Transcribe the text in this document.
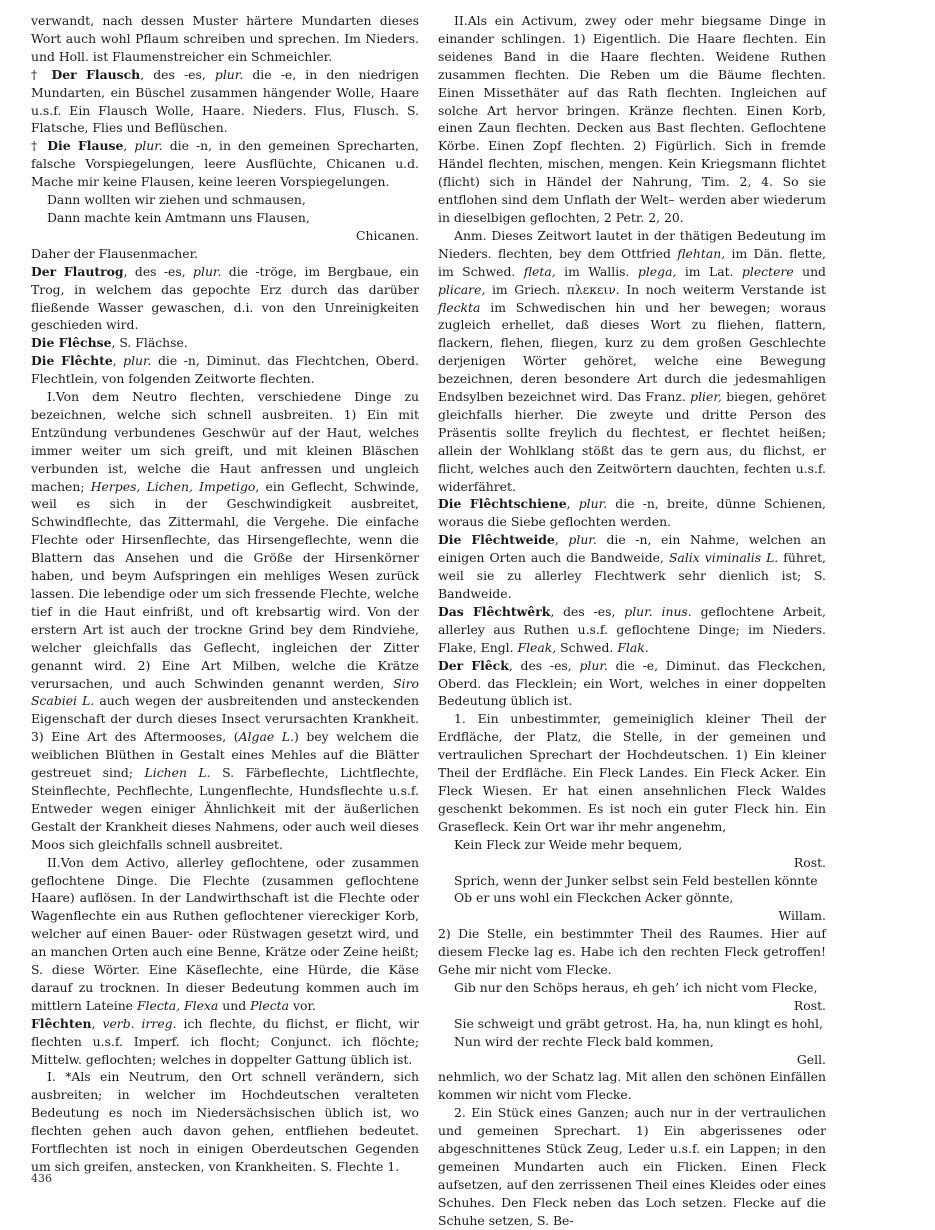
verwandt, nach dessen Muster härtere Mundarten dieses Wort auch wohl Pflaum schreiben und sprechen. Im Nieders. und Holl. ist Flaumenstreicher ein Schmeichler.

† Der Flausch, des -es, plur. die -e, in den niedrigen Mundarten, ein Büschel zusammen hängender Wolle, Haare u.s.f. Ein Flausch Wolle, Haare. Nieders. Flus, Flusch. S. Flatsche, Flies und Beflüschen.

† Die Flause, plur. die -n, in den gemeinen Sprecharten, falsche Vorspiegelungen, leere Ausflüchte, Chicanen u.d. Mache mir keine Flausen, keine leeren Vorspiegelungen.

Dann wollten wir ziehen und schmausen,

Dann machte kein Amtmann uns Flausen,

Chicanen.

Daher der Flausenmacher.

Der Flautrog, des -es, plur. die -tröge, im Bergbaue, ein Trog, in welchem das gepochte Erz durch das darüber fließende Wasser gewaschen, d.i. von den Unreinigkeiten geschieden wird.

Die Flêchse, S. Flächse.

Die Flêchte, plur. die -n, Diminut. das Flechtchen, Oberd. Flechtlein, von folgenden Zeitworte flechten.

I.Von dem Neutro flechten, verschiedene Dinge zu bezeichnen, welche sich schnell ausbreiten. 1) Ein mit Entzündung verbundenes Geschwür auf der Haut, welches immer weiter um sich greift, und mit kleinen Bläschen verbunden ist, welche die Haut anfressen und ungleich machen; Herpes, Lichen, Impetigo, ein Geflecht, Schwinde, weil es sich in der Geschwindigkeit ausbreitet, Schwindflechte, das Zittermahl, die Vergehe. Die einfache Flechte oder Hirsenflechte, das Hirsengeflechte, wenn die Blattern das Ansehen und die Größe der Hirsenkörner haben, und beym Aufspringen ein mehliges Wesen zurück lassen. Die lebendige oder um sich fressende Flechte, welche tief in die Haut einfrißt, und oft krebsartig wird. Von der erstern Art ist auch der trockne Grind bey dem Rindviehe, welcher gleichfalls das Geflecht, ingleichen der Zitter genannt wird. 2) Eine Art Milben, welche die Krätze verursachen, und auch Schwinden genannt werden, Siro Scabiei L. auch wegen der ausbreitenden und ansteckenden Eigenschaft der durch dieses Insect verursachten Krankheit. 3) Eine Art des Aftermooses, (Algae L.) bey welchem die weiblichen Blüthen in Gestalt eines Mehles auf die Blätter gestreuet sind; Lichen L. S. Färbeflechte, Lichtflechte, Steinflechte, Pechflechte, Lungenflechte, Hundsflechte u.s.f. Entweder wegen einiger Ähnlichkeit mit der äußerlichen Gestalt der Krankheit dieses Nahmens, oder auch weil dieses Moos sich gleichfalls schnell ausbreitet.

II.Von dem Activo, allerley geflochtene, oder zusammen geflochtene Dinge. Die Flechte (zusammen geflochtene Haare) auflösen. In der Landwirthschaft ist die Flechte oder Wagenflechte ein aus Ruthen geflochtener viereckiger Korb, welcher auf einen Bauer- oder Rüstwagen gesetzt wird, und an manchen Orten auch eine Benne, Krätze oder Zeine heißt; S. diese Wörter. Eine Käseflechte, eine Hürde, die Käse darauf zu trocknen. In dieser Bedeutung kommen auch im mittlern Lateine Flecta, Flexa und Plecta vor.

Flêchten, verb. irreg. ich flechte, du flichst, er flicht, wir flechten u.s.f. Imperf. ich flocht; Conjunct. ich flöchte; Mittelw. geflochten; welches in doppelter Gattung üblich ist.

I. *Als ein Neutrum, den Ort schnell verändern, sich ausbreiten; in welcher im Hochdeutschen veralteten Bedeutung es noch im Niedersächsischen üblich ist, wo flechten gehen auch davon gehen, entfliehen bedeutet. Fortflechten ist noch in einigen Oberdeutschen Gegenden um sich greifen, anstecken, von Krankheiten. S. Flechte 1.

II.Als ein Activum, zwey oder mehr biegsame Dinge in einander schlingen. 1) Eigentlich. Die Haare flechten. Ein seidenes Band in die Haare flechten. Weidene Ruthen zusammen flechten. Die Reben um die Bäume flechten. Einen Missethäter auf das Rath flechten. Ingleichen auf solche Art hervor bringen. Kränze flechten. Einen Korb, einen Zaun flechten. Decken aus Bast flechten. Geflochtene Körbe. Einen Zopf flechten. 2) Figürlich. Sich in fremde Händel flechten, mischen, mengen. Kein Kriegsmann flichtet (flicht) sich in Händel der Nahrung, Tim. 2, 4. So sie entflohen sind dem Unflath der Welt– werden aber wiederum in dieselbigen geflochten, 2 Petr. 2, 20.

Anm. Dieses Zeitwort lautet in der thätigen Bedeutung im Nieders. flechten, bey dem Ottfried flehtan, im Dän. flette, im Schwed. fleta, im Wallis. plega, im Lat. plectere und plicare, im Griech. πλεκειν. In noch weiterm Verstande ist fleckta im Schwedischen hin und her bewegen; woraus zugleich erhellet, daß dieses Wort zu fliehen, flattern, flackern, flehen, fliegen, kurz zu dem großen Geschlechte derjenigen Wörter gehöret, welche eine Bewegung bezeichnen, deren besondere Art durch die jedesmahligen Endsylben bezeichnet wird. Das Franz. plier, biegen, gehöret gleichfalls hierher. Die zweyte und dritte Person des Präsentis sollte freylich du flechtest, er flechtet heißen; allein der Wohlklang stößt das te gern aus, du flichst, er flicht, welches auch den Zeitwörtern dauchten, fechten u.s.f. widerfähret.

Die Flêchtschiene, plur. die -n, breite, dünne Schienen, woraus die Siebe geflochten werden.

Die Flêchtweide, plur. die -n, ein Nahme, welchen an einigen Orten auch die Bandweide, Salix viminalis L. führet, weil sie zu allerley Flechtwerk sehr dienlich ist; S. Bandweide.

Das Flêchtwêrk, des -es, plur. inus. geflochtene Arbeit, allerley aus Ruthen u.s.f. geflochtene Dinge; im Nieders. Flake, Engl. Fleak, Schwed. Flak.

Der Flêck, des -es, plur. die -e, Diminut. das Fleckchen, Oberd. das Flecklein; ein Wort, welches in einer doppelten Bedeutung üblich ist.

1. Ein unbestimmter, gemeiniglich kleiner Theil der Erdfläche, der Platz, die Stelle, in der gemeinen und vertraulichen Sprechart der Hochdeutschen. 1) Ein kleiner Theil der Erdfläche. Ein Fleck Landes. Ein Fleck Acker. Ein Fleck Wiesen. Er hat einen ansehnlichen Fleck Waldes geschenkt bekommen. Es ist noch ein guter Fleck hin. Ein Grasefleck. Kein Ort war ihr mehr angenehm,

Kein Fleck zur Weide mehr bequem,

Rost.

Sprich, wenn der Junker selbst sein Feld bestellen könnte

Ob er uns wohl ein Fleckchen Acker gönnte,

Willam.

2) Die Stelle, ein bestimmter Theil des Raumes. Hier auf diesem Flecke lag es. Habe ich den rechten Fleck getroffen! Gehe mir nicht vom Flecke.

Gib nur den Schöps heraus, eh geh’ ich nicht vom Flecke,

Rost.

Sie schweigt und gräbt getrost. Ha, ha, nun klingt es hohl,

Nun wird der rechte Fleck bald kommen,

Gell.

nehmlich, wo der Schatz lag. Mit allen den schönen Einfällen kommen wir nicht vom Flecke.

2. Ein Stück eines Ganzen; auch nur in der vertraulichen und gemeinen Sprechart. 1) Ein abgerissenes oder abgeschnittenes Stück Zeug, Leder u.s.f. ein Lappen; in den gemeinen Mundarten auch ein Flicken. Einen Fleck aufsetzen, auf den zerrissenen Theil eines Kleides oder eines Schuhes. Den Fleck neben das Loch setzen. Flecke auf die Schuhe setzen, S. Be-

436
